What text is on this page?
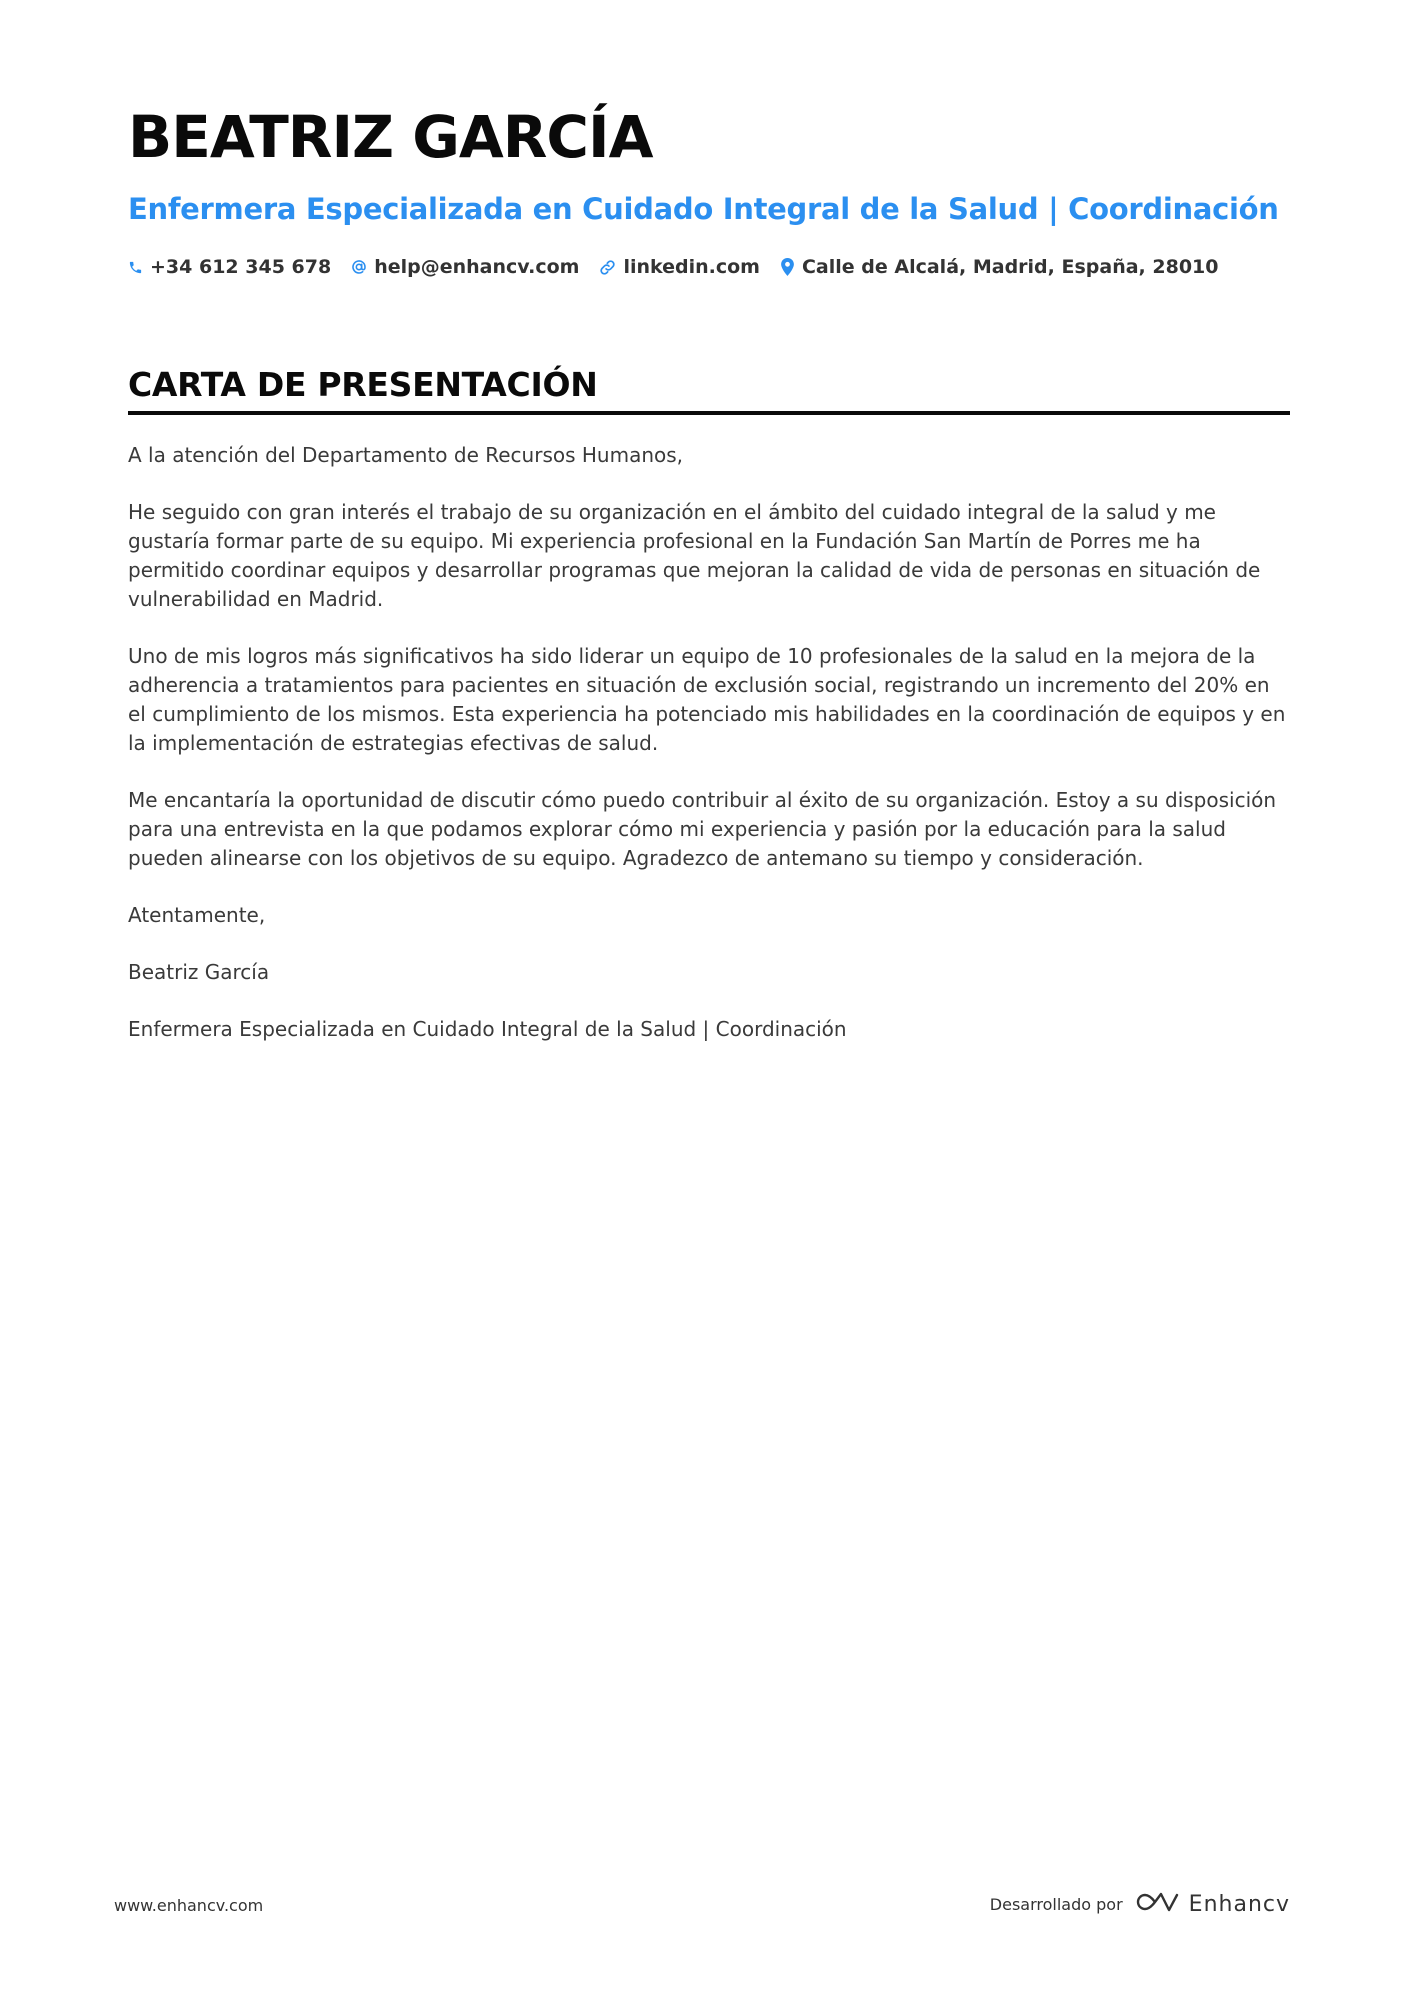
BEATRIZ GARCÍA
Enfermera Especializada en Cuidado Integral de la Salud | Coordinación
+34 612 345 678 help@enhancv.com linkedin.com Calle de Alcalá, Madrid, España, 28010
CARTA DE PRESENTACIÓN

A la atención del Departamento de Recursos Humanos,

He seguido con gran interés el trabajo de su organización en el ámbito del cuidado integral de la salud y me gustaría formar parte de su equipo. Mi experiencia profesional en la Fundación San Martín de Porres me ha permitido coordinar equipos y desarrollar programas que mejoran la calidad de vida de personas en situación de vulnerabilidad en Madrid.

Uno de mis logros más significativos ha sido liderar un equipo de 10 profesionales de la salud en la mejora de la adherencia a tratamientos para pacientes en situación de exclusión social, registrando un incremento del 20% en el cumplimiento de los mismos. Esta experiencia ha potenciado mis habilidades en la coordinación de equipos y en la implementación de estrategias efectivas de salud.

Me encantaría la oportunidad de discutir cómo puedo contribuir al éxito de su organización. Estoy a su disposición para una entrevista en la que podamos explorar cómo mi experiencia y pasión por la educación para la salud pueden alinearse con los objetivos de su equipo. Agradezco de antemano su tiempo y consideración.

Atentamente,

Beatriz García

Enfermera Especializada en Cuidado Integral de la Salud | Coordinación

www.enhancv.com	Desarrollado por	Enhancv
